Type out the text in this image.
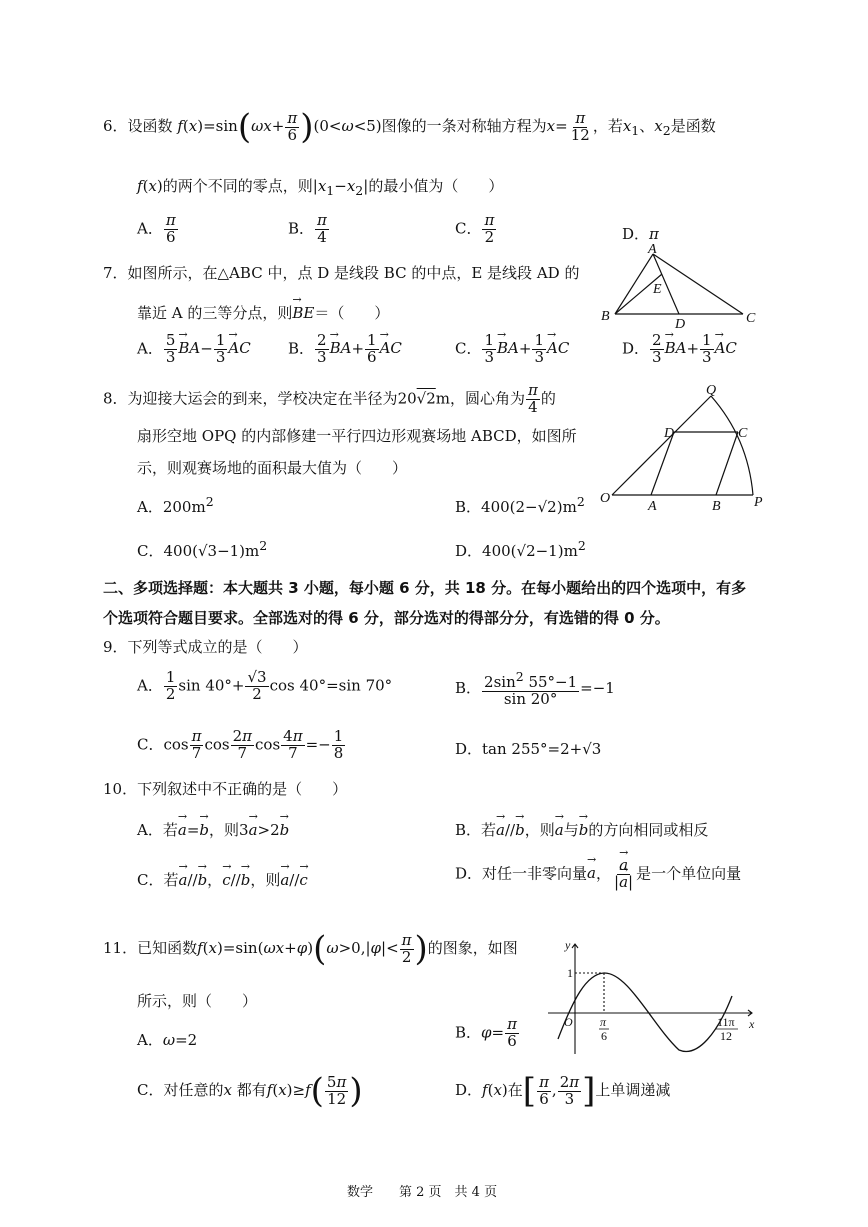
6．设函数 $f(x)=\sin(\omega x+ \frac{\pi}{6} )(0<\omega<5)$图像的一条对称轴方程为$x= \frac{\pi}{12}$ ，若$x_1$、$x_2$是函数
f(x)的两个不同的零点，则$|x_1-x_2|$的最小值为（　　）
A． $\frac{\pi}{6}$	B． $\frac{\pi}{4}$	C． $\frac{\pi}{2}$	D．π
7．如图所示，在△ABC 中，点 D 是线段 BC 的中点，E 是线段 AD 的
靠近 A 的三等分点，则→ BE＝（　　）
A． $\frac{5}{3} \to BA- \frac{1}{3}$ → AC B． $\frac{2}{3} \to BA+ \frac{1}{6}$ → AC	C． $\frac{1}{3} \to BA+ \frac{1}{3}$ → AC	D． $\frac{2}{3} \to BA+ \frac{1}{3}$ → AC
A
B	C
D
E
8．为迎接大运会的到来，学校决定在半径为20√2m，圆心角为 $\frac{\pi}{4}$ 的
扇形空地 OPQ 的内部修建一平行四边形观赛场地 ABCD，如图所
示，则观赛场地的面积最大值为（　　）
A．$200m^2$	B．$400(2-√2)m^2$
C．$400(√3-1)m^2$	D．$400(√2-1)m^2$
Q
D	C
O
A	B P
二、多项选择题：本大题共 3 小题，每小题 6 分，共 18 分。在每小题给出的四个选项中，有多
个选项符合题目要求。全部选对的得 6 分，部分选对的得部分分，有选错的得 0 分。
9．下列等式成立的是（　　）
A． $\frac{1}{2}$ $\sin 40^\circ+ \frac{√3}{2}$ cos 40°=sin 70°	B． $\frac{2\sin^2 55^\circ-1}{\sin 20^\circ} =-1$
C．$\cos \frac{\pi}{7}$ $\cos \frac{2\pi}{7}$ $\cos \frac{4\pi}{7} =- \frac{1}{8}$	D．tan 255°=2+√3
10．下列叙述中不正确的是（　　）
A．若→ a=→ b，则3→ a>2→ b	B．若→ a//→ b，则→ a与→ b的方向相同或相反
C．若→ a//→ b，→ c//→ b，则→ a//→ c	D．对任一非零向量→ a， → $\frac{a}{|\to a|}$ 是一个单位向量
11．已知函数$f(x)=\sin(\omega x+\varphi)(\omega>0,|\varphi|< \frac{\pi}{2}$ )的图象，如图
所示，则（　　）
A．ω=2	B．$\varphi= \frac{\pi}{6}$
C．对任意的x 都有$f(x)\ge f( \frac{5\pi}{12}$ )	D．f(x)在[ $\frac{\pi}{6}$ , $\frac{2\pi}{3}$ ]上单调递减
y
x
1
O π
6
11π
12
数学　　第 2 页　共 4 页
